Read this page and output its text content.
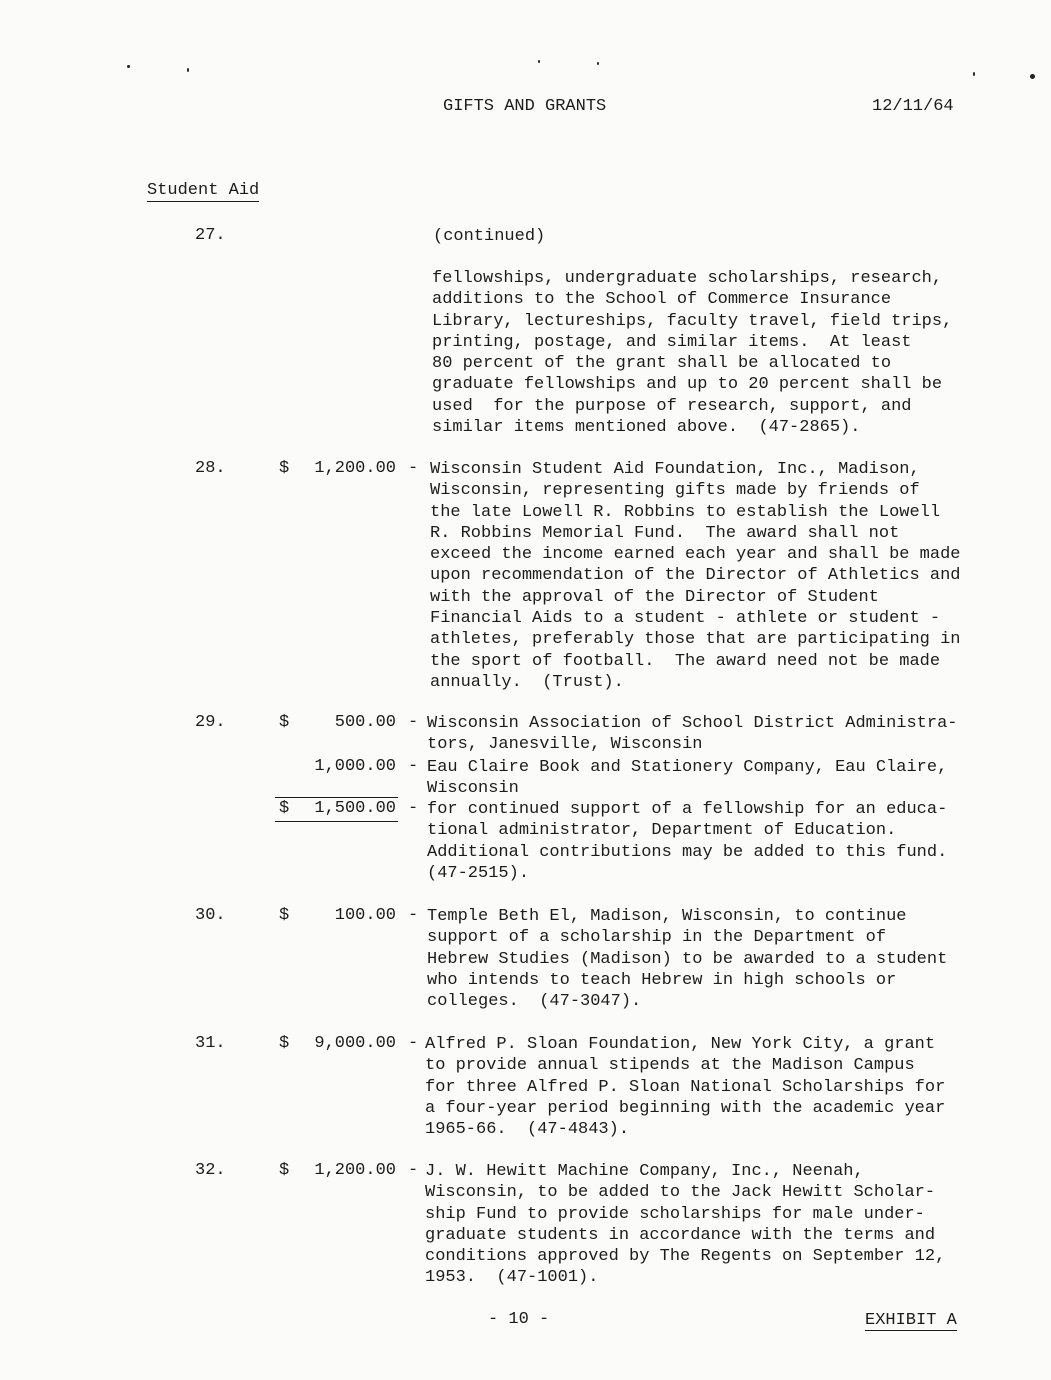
GIFTS AND GRANTS	12/11/64
Student Aid
27.	(continued)
fellowships, undergraduate scholarships, research,
additions to the School of Commerce Insurance
Library, lectureships, faculty travel, field trips,
printing, postage, and similar items.  At least
80 percent of the grant shall be allocated to
graduate fellowships and up to 20 percent shall be
used  for the purpose of research, support, and
similar items mentioned above.  (47-2865).
28.	$	1,200.00 - Wisconsin Student Aid Foundation, Inc., Madison,
Wisconsin, representing gifts made by friends of
the late Lowell R. Robbins to establish the Lowell
R. Robbins Memorial Fund.  The award shall not
exceed the income earned each year and shall be made
upon recommendation of the Director of Athletics and
with the approval of the Director of Student
Financial Aids to a student - athlete or student -
athletes, preferably those that are participating in
the sport of football.  The award need not be made
annually.  (Trust).
29.	$	500.00 - Wisconsin Association of School District Administra-
tors, Janesville, Wisconsin
1,000.00 - Eau Claire Book and Stationery Company, Eau Claire,
Wisconsin
$	1,500.00 - for continued support of a fellowship for an educa-
tional administrator, Department of Education.
Additional contributions may be added to this fund.
(47-2515).
30.	$	100.00 - Temple Beth El, Madison, Wisconsin, to continue
support of a scholarship in the Department of
Hebrew Studies (Madison) to be awarded to a student
who intends to teach Hebrew in high schools or
colleges.  (47-3047).
31.	$	9,000.00 - Alfred P. Sloan Foundation, New York City, a grant
to provide annual stipends at the Madison Campus
for three Alfred P. Sloan National Scholarships for
a four-year period beginning with the academic year
1965-66.  (47-4843).
32.	$	1,200.00 - J. W. Hewitt Machine Company, Inc., Neenah,
Wisconsin, to be added to the Jack Hewitt Scholar-
ship Fund to provide scholarships for male under-
graduate students in accordance with the terms and
conditions approved by The Regents on September 12,
1953.  (47-1001).
- 10 -	EXHIBIT A
